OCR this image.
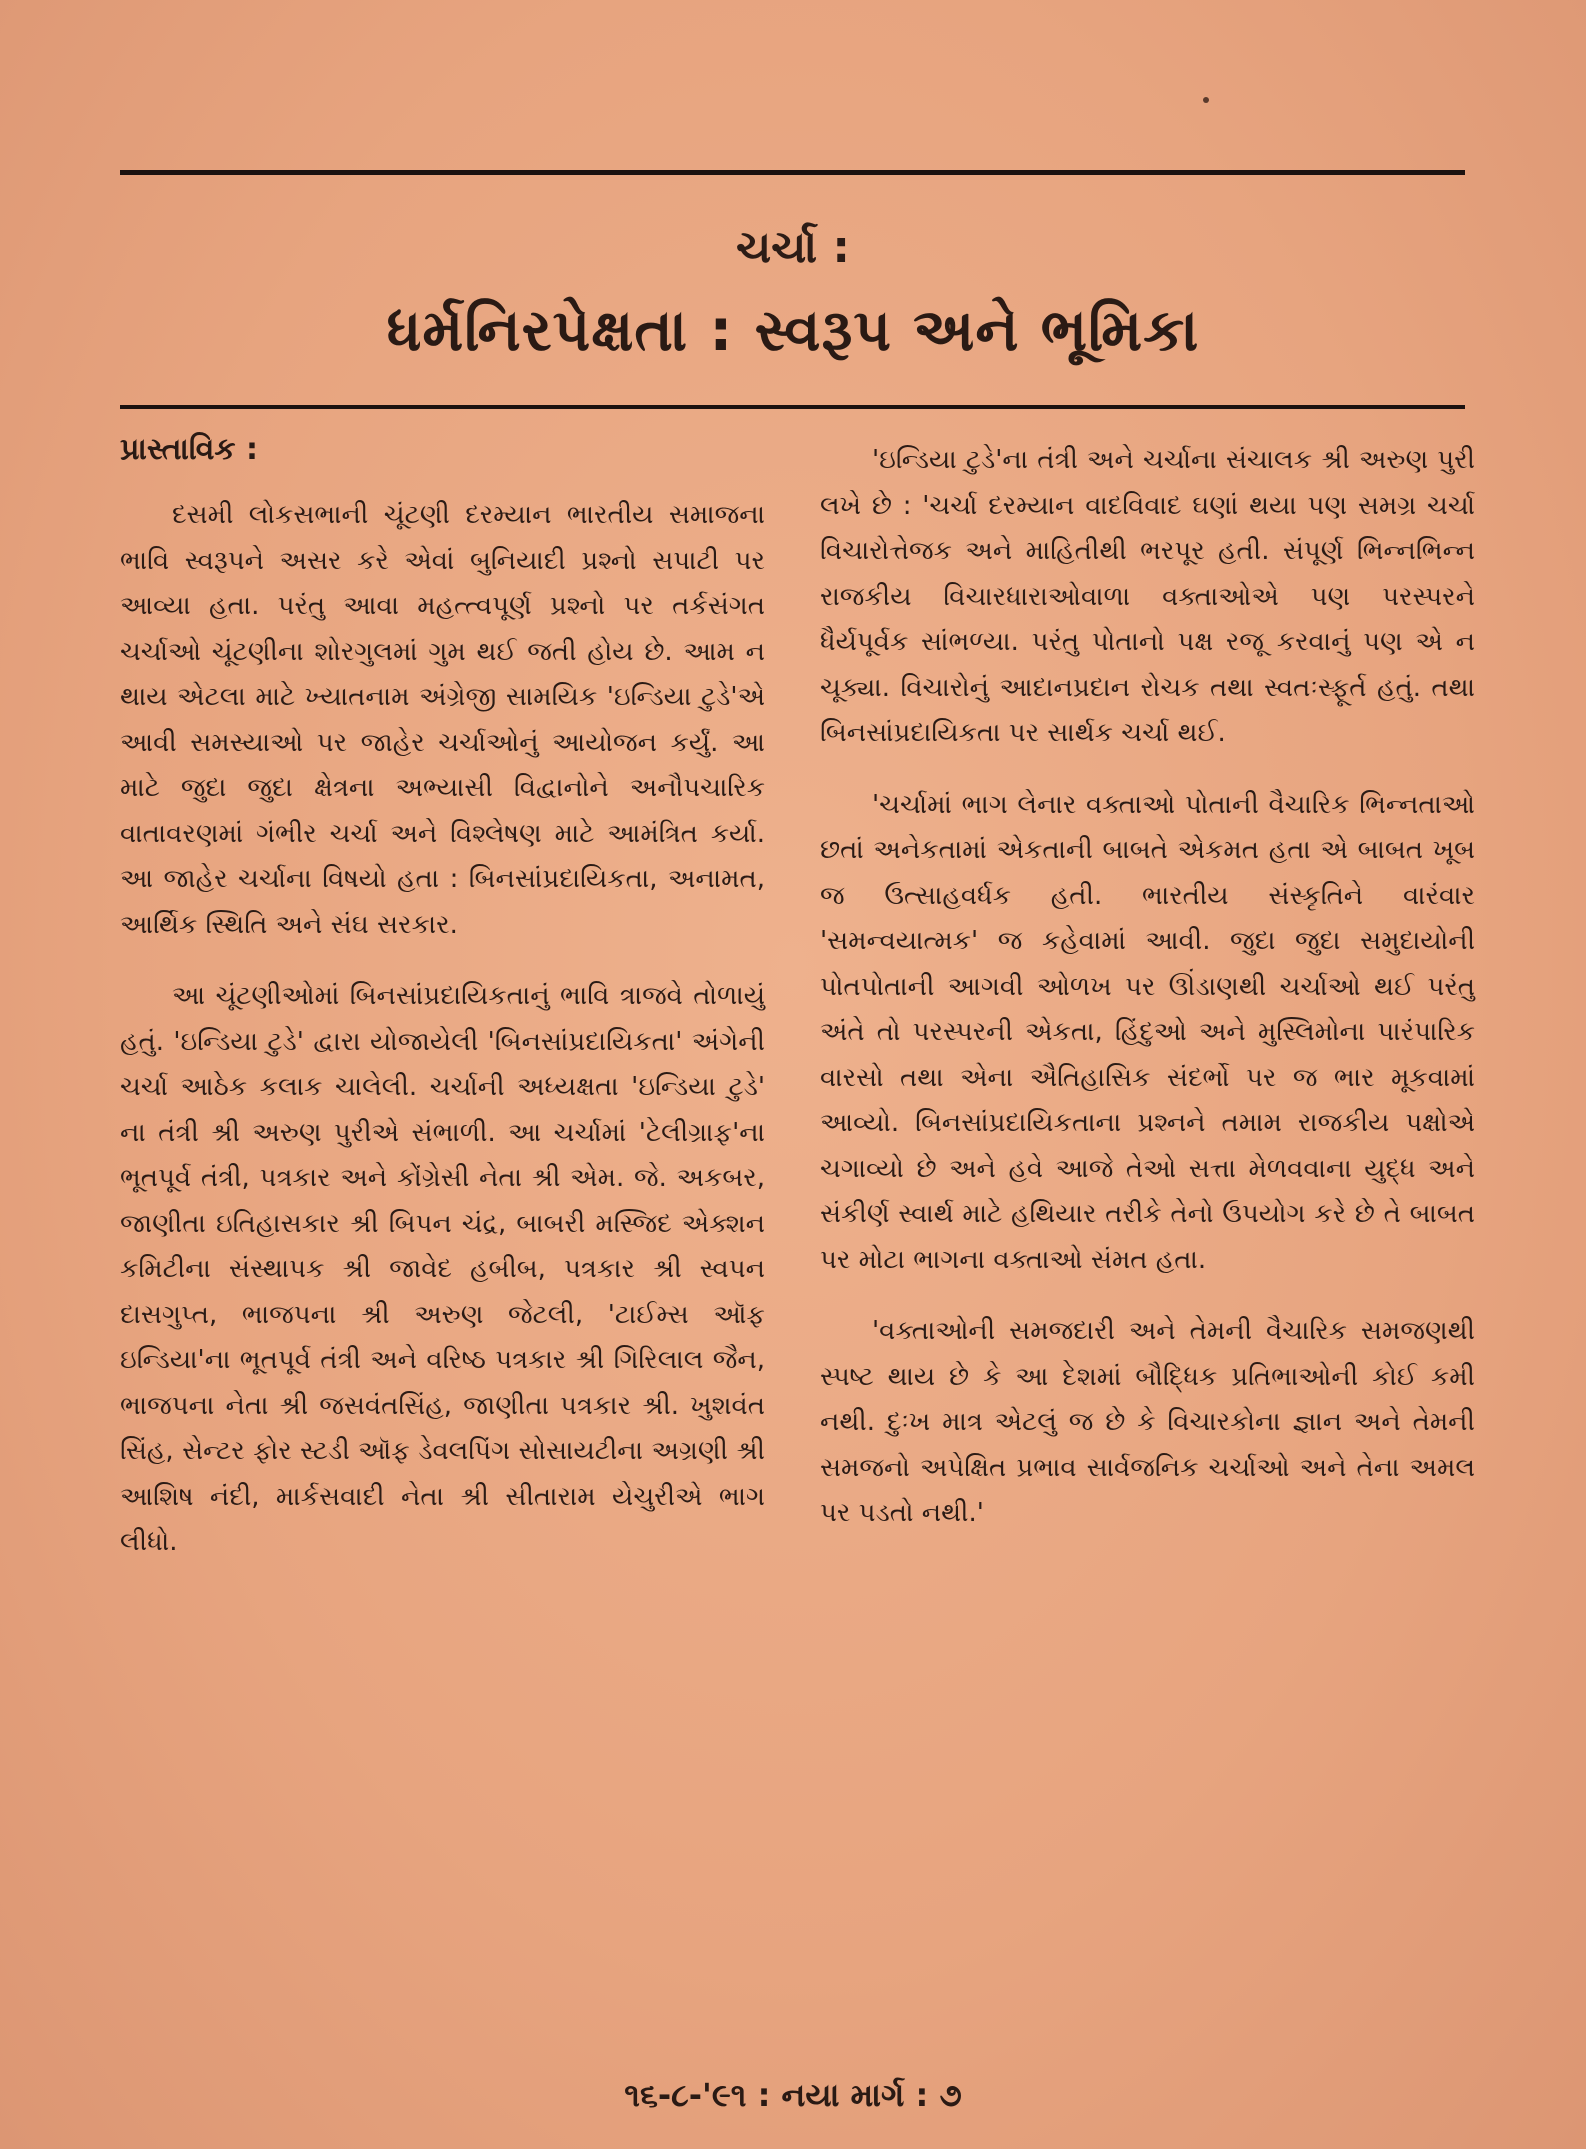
ચર્ચા :
ધર્મનિરપેક્ષતા : સ્વરૂપ અને ભૂમિકા
પ્રાસ્તાવિક :

દસમી લોકસભાની ચૂંટણી દરમ્યાન ભારતીય સમાજના ભાવિ સ્વરૂપને અસર કરે એવાં બુનિયાદી પ્રશ્નો સપાટી પર આવ્યા હતા. પરંતુ આવા મહત્ત્વપૂર્ણ પ્રશ્નો પર તર્કસંગત ચર્ચાઓ ચૂંટણીના શોરગુલમાં ગુમ થઈ જતી હોય છે. આમ ન થાય એટલા માટે ખ્યાતનામ અંગ્રેજી સામયિક 'ઇન્ડિયા ટુડે'એ આવી સમસ્યાઓ પર જાહેર ચર્ચાઓનું આયોજન કર્યું. આ માટે જુદા જુદા ક્ષેત્રના અભ્યાસી વિદ્વાનોને અનૌપચારિક વાતાવરણમાં ગંભીર ચર્ચા અને વિશ્લેષણ માટે આમંત્રિત કર્યા. આ જાહેર ચર્ચાના વિષયો હતા : બિનસાંપ્રદાયિકતા, અનામત, આર્થિક સ્થિતિ અને સંઘ સરકાર.

આ ચૂંટણીઓમાં બિનસાંપ્રદાયિકતાનું ભાવિ ત્રાજવે તોળાયું હતું. 'ઇન્ડિયા ટુડે' દ્વારા યોજાયેલી 'બિનસાંપ્રદાયિકતા' અંગેની ચર્ચા આઠેક કલાક ચાલેલી. ચર્ચાની અધ્યક્ષતા 'ઇન્ડિયા ટુડે' ના તંત્રી શ્રી અરુણ પુરીએ સંભાળી. આ ચર્ચામાં 'ટેલીગ્રાફ'ના ભૂતપૂર્વ તંત્રી, પત્રકાર અને કોંગ્રેસી નેતા શ્રી એમ. જે. અકબર, જાણીતા ઇતિહાસકાર શ્રી બિપન ચંદ્ર, બાબરી મસ્જિદ એક્શન કમિટીના સંસ્થાપક શ્રી જાવેદ હબીબ, પત્રકાર શ્રી સ્વપન દાસગુપ્ત, ભાજપના શ્રી અરુણ જેટલી, 'ટાઈમ્સ ઑફ ઇન્ડિયા'ના ભૂતપૂર્વ તંત્રી અને વરિષ્ઠ પત્રકાર શ્રી ગિરિલાલ જૈન, ભાજપના નેતા શ્રી જસવંતસિંહ, જાણીતા પત્રકાર શ્રી. ખુશવંત સિંહ, સેન્ટર ફોર સ્ટડી ઑફ ડેવલપિંગ સોસાયટીના અગ્રણી શ્રી આશિષ નંદી, માર્કસવાદી નેતા શ્રી સીતારામ યેચુરીએ ભાગ લીધો.

'ઇન્ડિયા ટુડે'ના તંત્રી અને ચર્ચાના સંચાલક શ્રી અરુણ પુરી લખે છે : 'ચર્ચા દરમ્યાન વાદવિવાદ ઘણાં થયા પણ સમગ્ર ચર્ચા વિચારોત્તેજક અને માહિતીથી ભરપૂર હતી. સંપૂર્ણ ભિન્નભિન્ન રાજકીય વિચારધારાઓવાળા વક્તાઓએ પણ પરસ્પરને ધૈર્યપૂર્વક સાંભળ્યા. પરંતુ પોતાનો પક્ષ રજૂ કરવાનું પણ એ ન ચૂક્યા. વિચારોનું આદાનપ્રદાન રોચક તથા સ્વતઃસ્ફૂર્ત હતું. તથા બિનસાંપ્રદાયિકતા પર સાર્થક ચર્ચા થઈ.

'ચર્ચામાં ભાગ લેનાર વક્તાઓ પોતાની વૈચારિક ભિન્નતાઓ છતાં અનેકતામાં એકતાની બાબતે એકમત હતા એ બાબત ખૂબ જ ઉત્સાહવર્ધક હતી. ભારતીય સંસ્કૃતિને વારંવાર 'સમન્વયાત્મક' જ કહેવામાં આવી. જુદા જુદા સમુદાયોની પોતપોતાની આગવી ઓળખ પર ઊંડાણથી ચર્ચાઓ થઈ પરંતુ અંતે તો પરસ્પરની એકતા, હિંદુઓ અને મુસ્લિમોના પારંપારિક વારસો તથા એના ઐતિહાસિક સંદર્ભો પર જ ભાર મૂકવામાં આવ્યો. બિનસાંપ્રદાયિકતાના પ્રશ્નને તમામ રાજકીય પક્ષોએ ચગાવ્યો છે અને હવે આજે તેઓ સત્તા મેળવવાના યુદ્ધ અને સંકીર્ણ સ્વાર્થ માટે હથિયાર તરીકે તેનો ઉપયોગ કરે છે તે બાબત પર મોટા ભાગના વક્તાઓ સંમત હતા.

'વક્તાઓની સમજદારી અને તેમની વૈચારિક સમજણથી સ્પષ્ટ થાય છે કે આ દેશમાં બૌદ્ધિક પ્રતિભાઓની કોઈ કમી નથી. દુઃખ માત્ર એટલું જ છે કે વિચારકોના જ્ઞાન અને તેમની સમજનો અપેક્ષિત પ્રભાવ સાર્વજનિક ચર્ચાઓ અને તેના અમલ પર પડતો નથી.'

૧૬-૮-'૯૧ : નયા માર્ગ : ૭
